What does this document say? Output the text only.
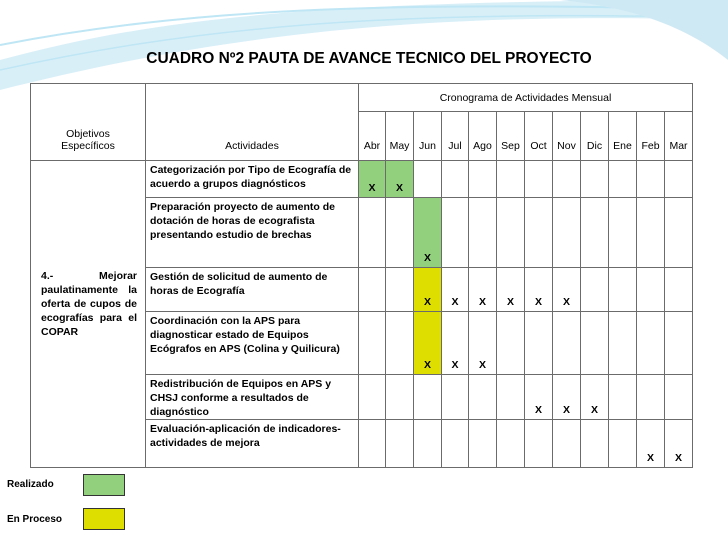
CUADRO Nº2 PAUTA DE AVANCE TECNICO DEL PROYECTO
Objetivos
Específicos	Actividades	Cronograma de Actividades Mensual											
		Abr	May	Jun	Jul	Ago	Sep	Oct	Nov	Dic	Ene	Feb	Mar
4.- Mejorar paulatinamente la oferta de cupos de ecografías para el COPAR	Categorización por Tipo de Ecografía de acuerdo a grupos diagnósticos	X	X										
	Preparación proyecto de aumento de dotación de horas de ecografista presentando estudio de brechas			X									
	Gestión de solicitud de aumento de horas de Ecografía			X	X	X	X	X	X				
	Coordinación con la APS para diagnosticar estado de Equipos Ecógrafos en APS (Colina y Quilicura)			X	X	X							
	Redistribución de Equipos en APS y CHSJ conforme a resultados de diagnóstico							X	X	X			
	Evaluación-aplicación de indicadores-actividades de mejora											X	X
Realizado
En Proceso
